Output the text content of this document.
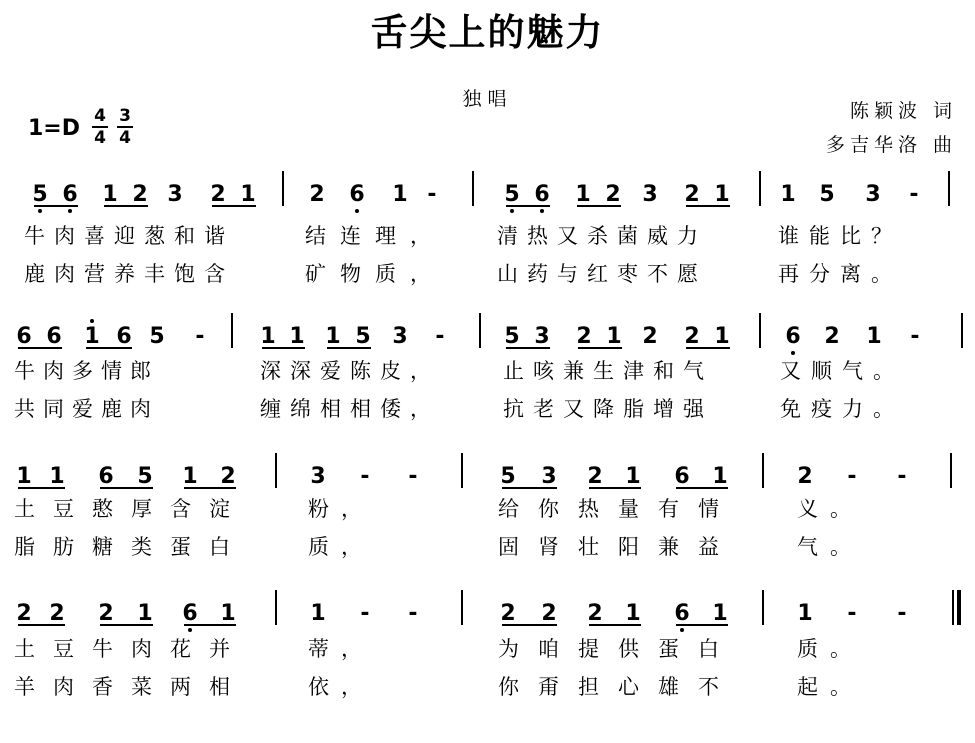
舌尖上的魅力
独唱
陈颖波 词
多吉华洛 曲
1=D 4
4
3
4
5 6 1 2 3 2 1 2 6 1 -	5 6 1 2 3 2 1 1 5 3 -
6 6 1 6 5 -	1 1 1 5 3 -	5 3 2 1 2 2 1	6 2 1 -
1 1 6 5 1 2	3 - -	5 3 2 1 6 1	2 - -
2 2 2 1 6 1	1 - -	2 2 2 1 6 1	1 - -
牛肉喜迎葱和谐	结连理， 清热又杀菌威力	谁能比？
鹿肉营养丰饱含	矿物质， 山药与红枣不愿	再分离。
牛肉多情郎	深深爱陈皮，	止咳兼生津和气	又顺气。
共同爱鹿肉	缠绵相相倭，	抗老又降脂增强	免疫力。
土豆憨厚含淀	粉，	给你热量有情	义。
脂肪糖类蛋白	质，	固肾壮阳兼益	气。
土豆牛肉花并	蒂，	为咱提供蛋白	质。
羊肉香菜两相	依，	你甭担心雄不	起。
